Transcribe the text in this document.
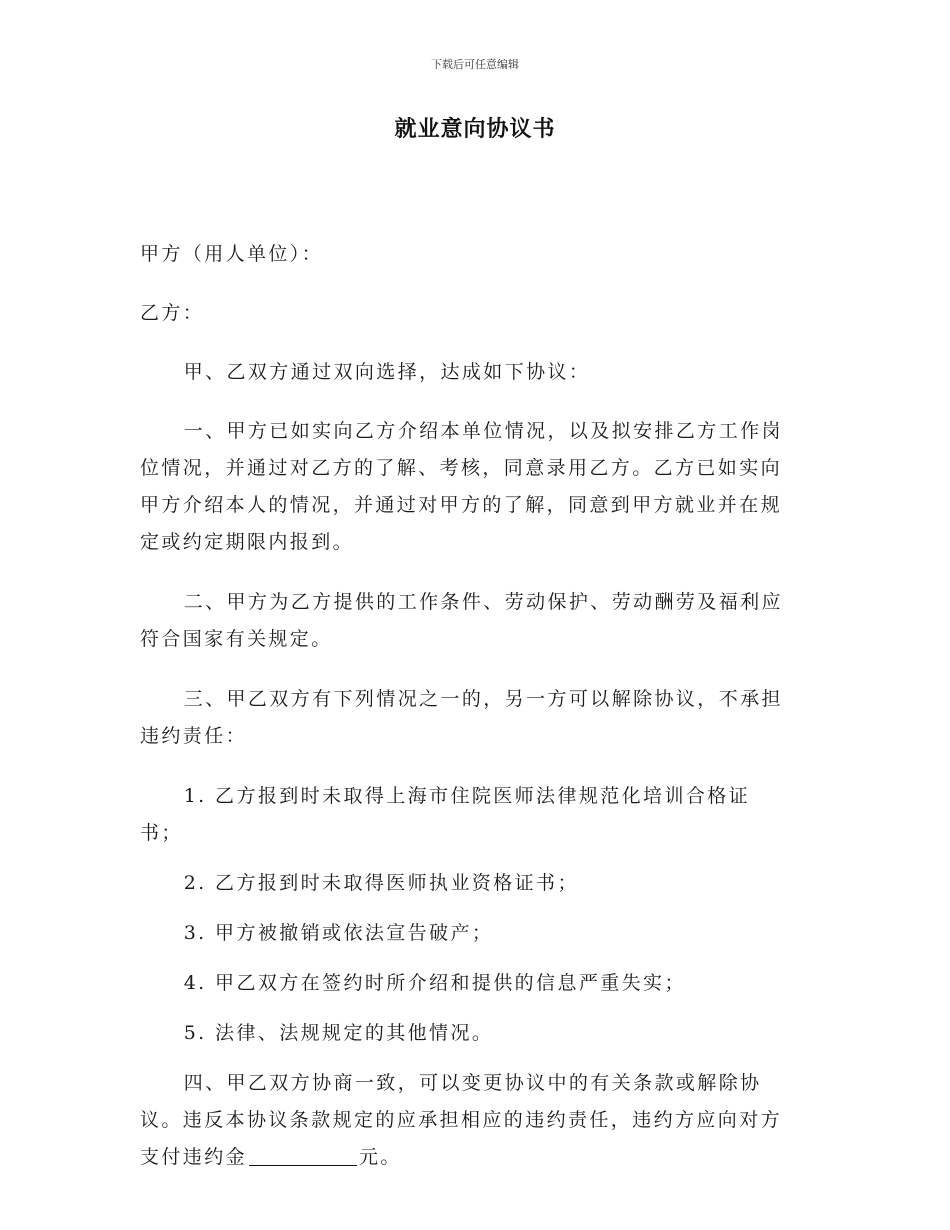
下载后可任意编辑
就业意向协议书

甲方（用人单位）：

乙方：

甲、乙双方通过双向选择，达成如下协议：

一、甲方已如实向乙方介绍本单位情况，以及拟安排乙方工作岗位情况，并通过对乙方的了解、考核，同意录用乙方。乙方已如实向甲方介绍本人的情况，并通过对甲方的了解，同意到甲方就业并在规定或约定期限内报到。

二、甲方为乙方提供的工作条件、劳动保护、劳动酬劳及福利应符合国家有关规定。

三、甲乙双方有下列情况之一的，另一方可以解除协议，不承担违约责任：

1. 乙方报到时未取得上海市住院医师法律规范化培训合格证书；

2. 乙方报到时未取得医师执业资格证书；

3. 甲方被撤销或依法宣告破产；

4. 甲乙双方在签约时所介绍和提供的信息严重失实；

5. 法律、法规规定的其他情况。

四、甲乙双方协商一致，可以变更协议中的有关条款或解除协议。违反本协议条款规定的应承担相应的违约责任，违约方应向对方支付违约金	元。
